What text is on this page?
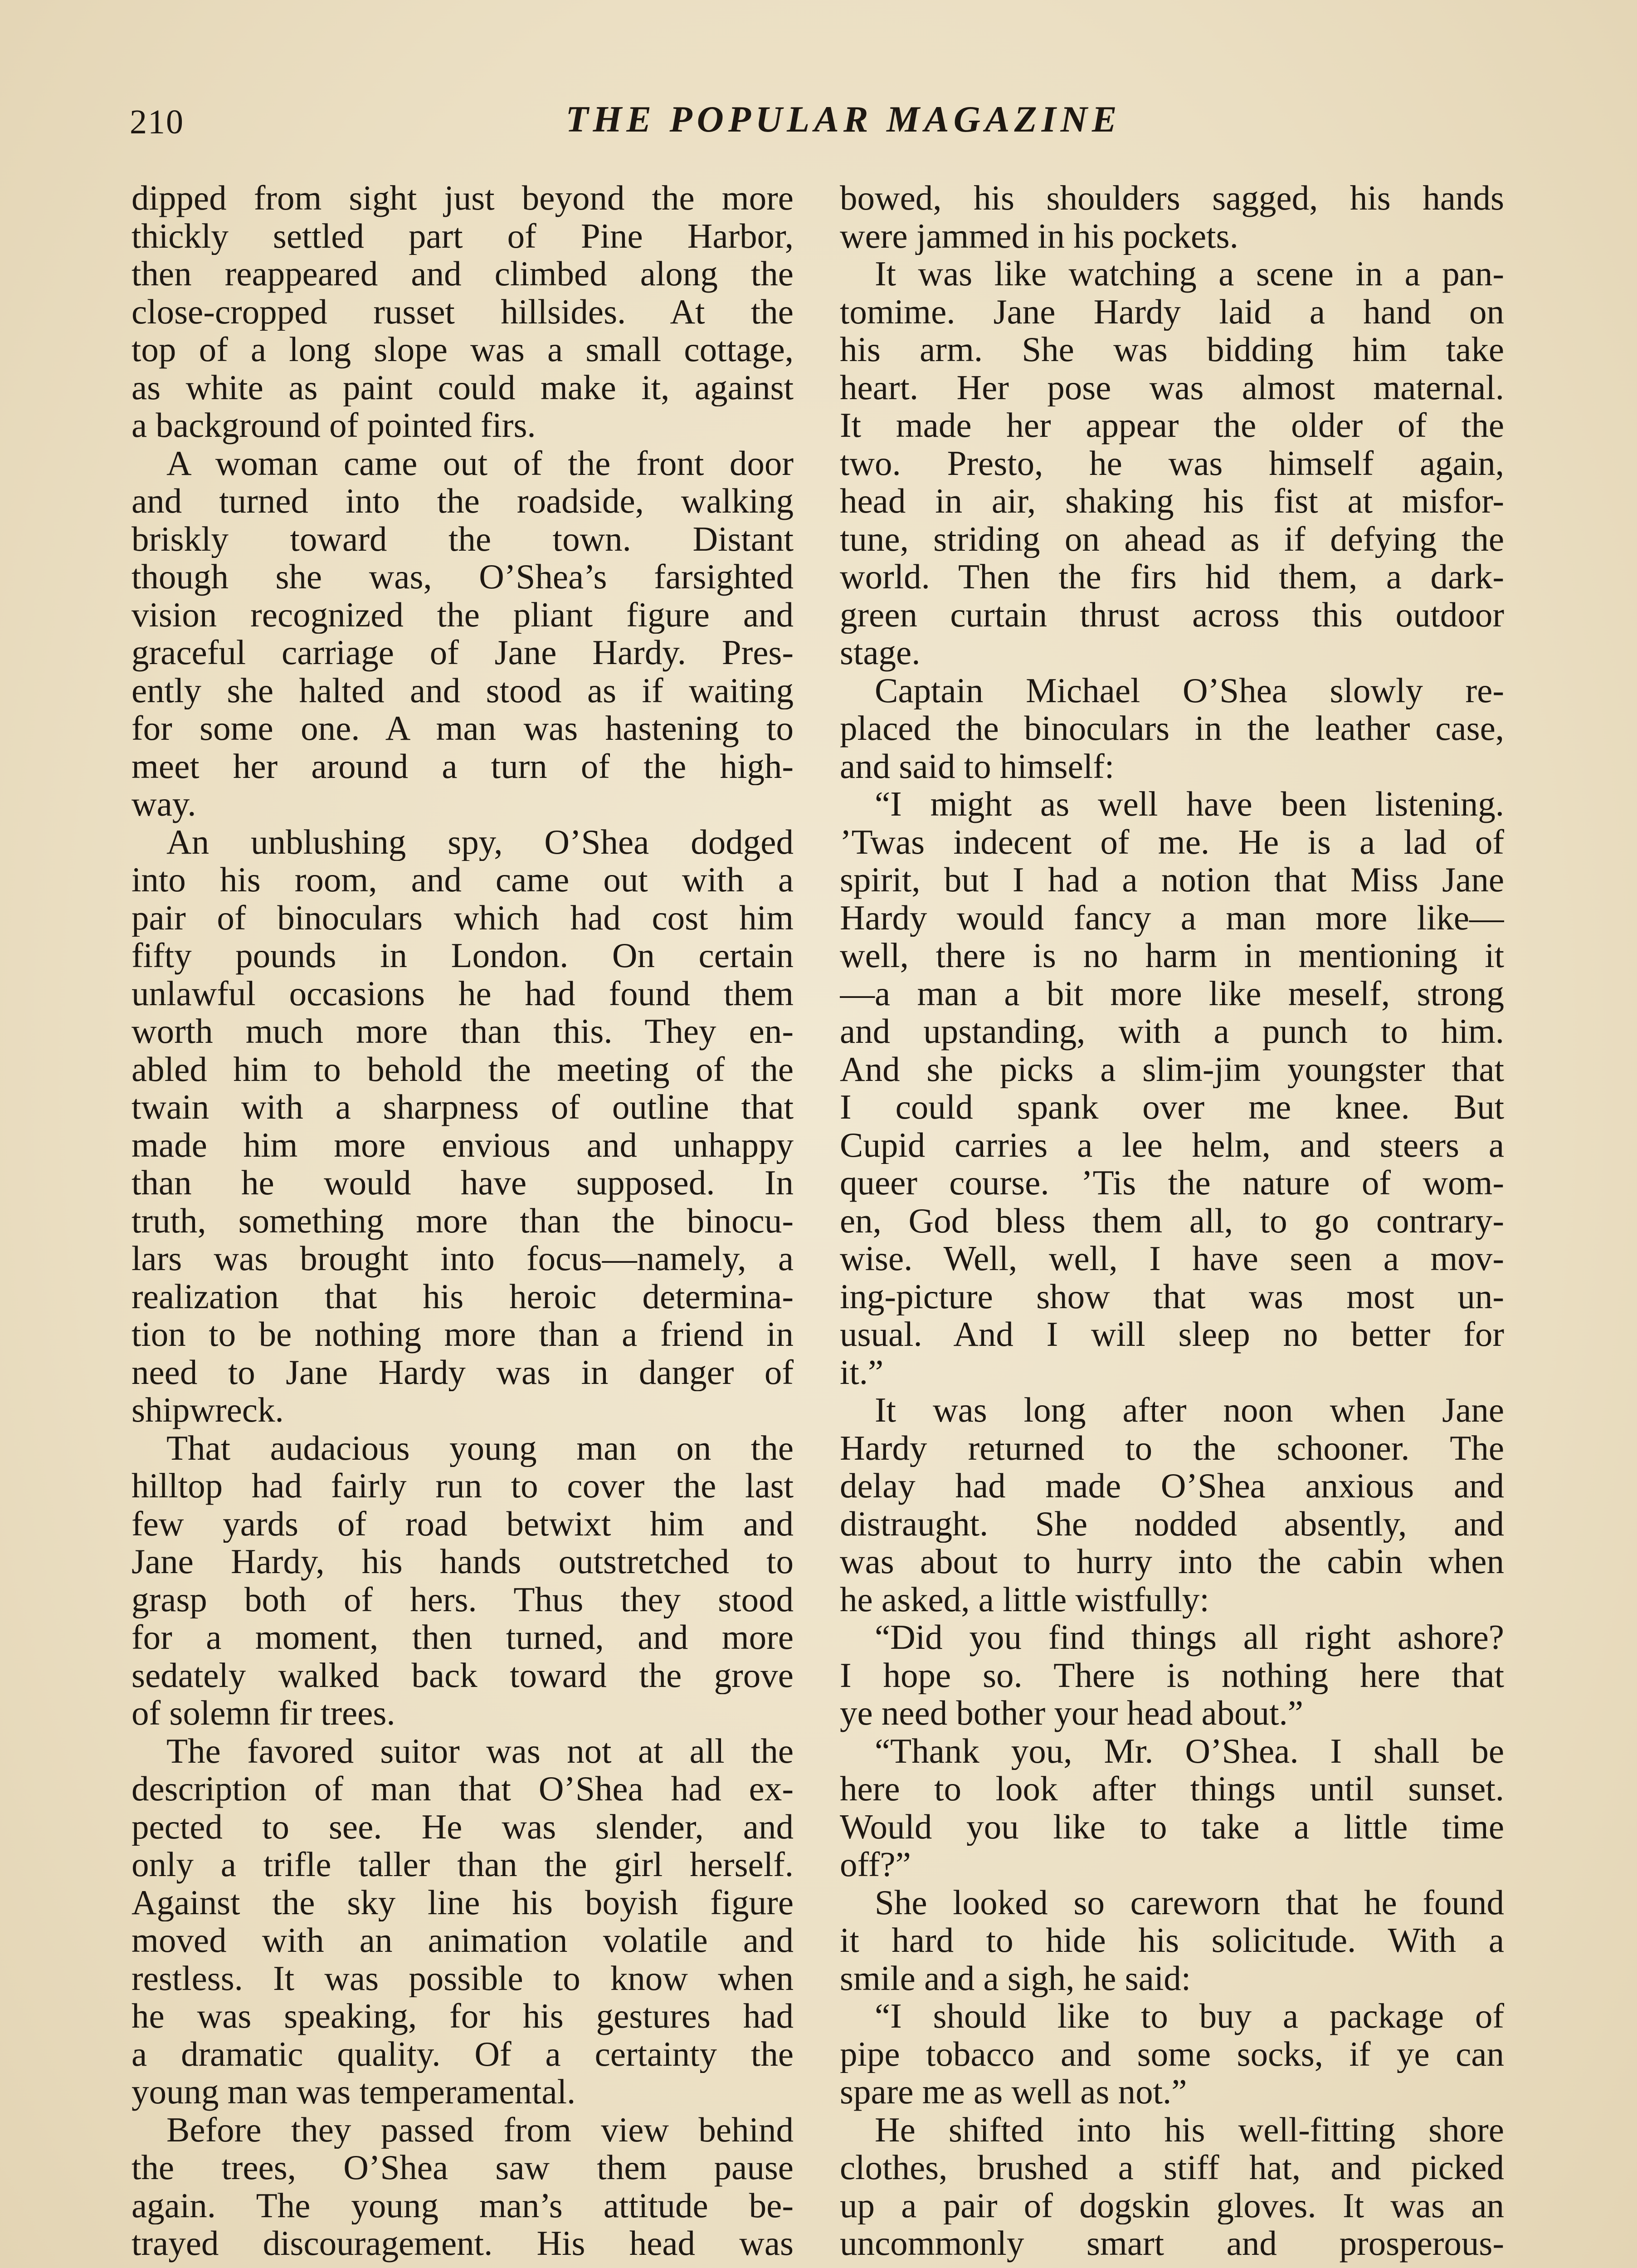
210	THE POPULAR MAGAZINE
dipped from sight just beyond the more
thickly settled part of Pine Harbor,
then reappeared and climbed along the
close-cropped russet hillsides. At the
top of a long slope was a small cottage,
as white as paint could make it, against
a background of pointed firs.
 A woman came out of the front door
and turned into the roadside, walking
briskly toward the town. Distant
though she was, O’Shea’s farsighted
vision recognized the pliant figure and
graceful carriage of Jane Hardy. Pres-
ently she halted and stood as if waiting
for some one. A man was hastening to
meet her around a turn of the high-
way.
 An unblushing spy, O’Shea dodged
into his room, and came out with a
pair of binoculars which had cost him
fifty pounds in London. On certain
unlawful occasions he had found them
worth much more than this. They en-
abled him to behold the meeting of the
twain with a sharpness of outline that
made him more envious and unhappy
than he would have supposed. In
truth, something more than the binocu-
lars was brought into focus—namely, a
realization that his heroic determina-
tion to be nothing more than a friend in
need to Jane Hardy was in danger of
shipwreck.
 That audacious young man on the
hilltop had fairly run to cover the last
few yards of road betwixt him and
Jane Hardy, his hands outstretched to
grasp both of hers. Thus they stood
for a moment, then turned, and more
sedately walked back toward the grove
of solemn fir trees.
 The favored suitor was not at all the
description of man that O’Shea had ex-
pected to see. He was slender, and
only a trifle taller than the girl herself.
Against the sky line his boyish figure
moved with an animation volatile and
restless. It was possible to know when
he was speaking, for his gestures had
a dramatic quality. Of a certainty the
young man was temperamental.
 Before they passed from view behind
the trees, O’Shea saw them pause
again. The young man’s attitude be-
trayed discouragement. His head was
bowed, his shoulders sagged, his hands
were jammed in his pockets.
 It was like watching a scene in a pan-
tomime. Jane Hardy laid a hand on
his arm. She was bidding him take
heart. Her pose was almost maternal.
It made her appear the older of the
two. Presto, he was himself again,
head in air, shaking his fist at misfor-
tune, striding on ahead as if defying the
world. Then the firs hid them, a dark-
green curtain thrust across this outdoor
stage.
 Captain Michael O’Shea slowly re-
placed the binoculars in the leather case,
and said to himself:
 “I might as well have been listening.
’Twas indecent of me. He is a lad of
spirit, but I had a notion that Miss Jane
Hardy would fancy a man more like—
well, there is no harm in mentioning it
—a man a bit more like meself, strong
and upstanding, with a punch to him.
And she picks a slim-jim youngster that
I could spank over me knee. But
Cupid carries a lee helm, and steers a
queer course. ’Tis the nature of wom-
en, God bless them all, to go contrary-
wise. Well, well, I have seen a mov-
ing-picture show that was most un-
usual. And I will sleep no better for
it.”
 It was long after noon when Jane
Hardy returned to the schooner. The
delay had made O’Shea anxious and
distraught. She nodded absently, and
was about to hurry into the cabin when
he asked, a little wistfully:
 “Did you find things all right ashore?
I hope so. There is nothing here that
ye need bother your head about.”
 “Thank you, Mr. O’Shea. I shall be
here to look after things until sunset.
Would you like to take a little time
off?”
 She looked so careworn that he found
it hard to hide his solicitude. With a
smile and a sigh, he said:
 “I should like to buy a package of
pipe tobacco and some socks, if ye can
spare me as well as not.”
 He shifted into his well-fitting shore
clothes, brushed a stiff hat, and picked
up a pair of dogskin gloves. It was an
uncommonly smart and prosperous-
